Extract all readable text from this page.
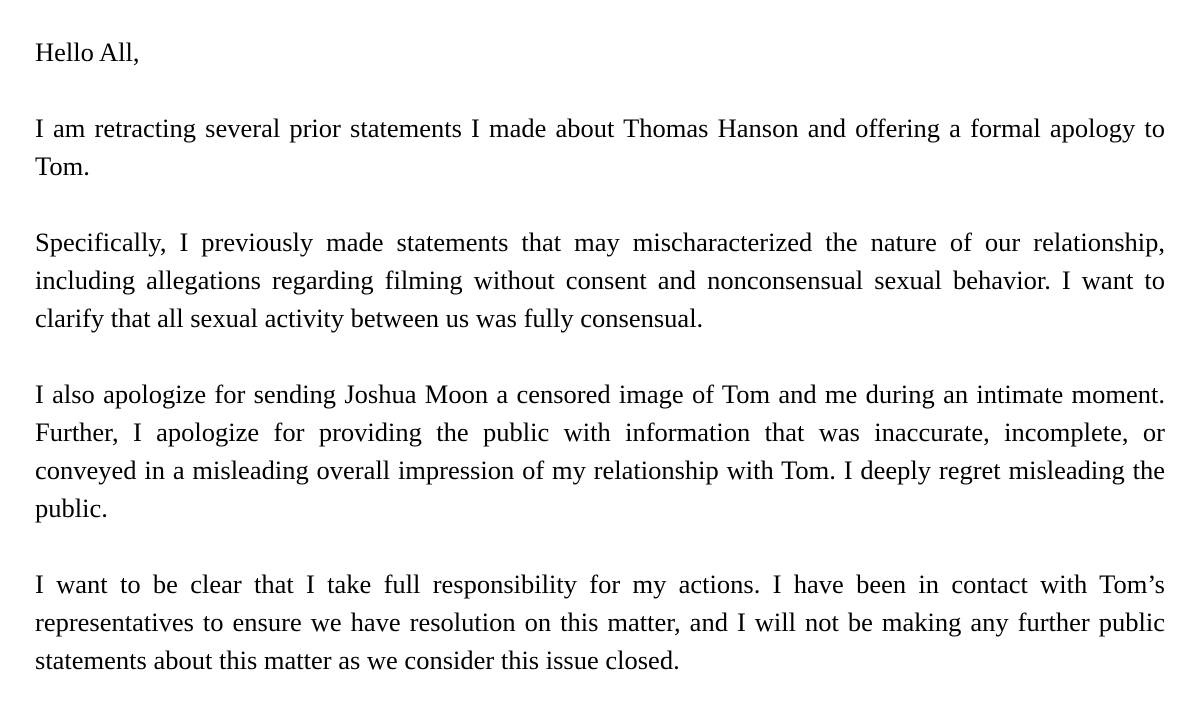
Hello All,

I am retracting several prior statements I made about Thomas Hanson and offering a formal apology to Tom.

Specifically, I previously made statements that may mischaracterized the nature of our relationship, including allegations regarding filming without consent and nonconsensual sexual behavior. I want to clarify that all sexual activity between us was fully consensual.

I also apologize for sending Joshua Moon a censored image of Tom and me during an intimate moment. Further, I apologize for providing the public with information that was inaccurate, incomplete, or conveyed in a misleading overall impression of my relationship with Tom. I deeply regret misleading the public.

I want to be clear that I take full responsibility for my actions. I have been in contact with Tom’s representatives to ensure we have resolution on this matter, and I will not be making any further public statements about this matter as we consider this issue closed.
